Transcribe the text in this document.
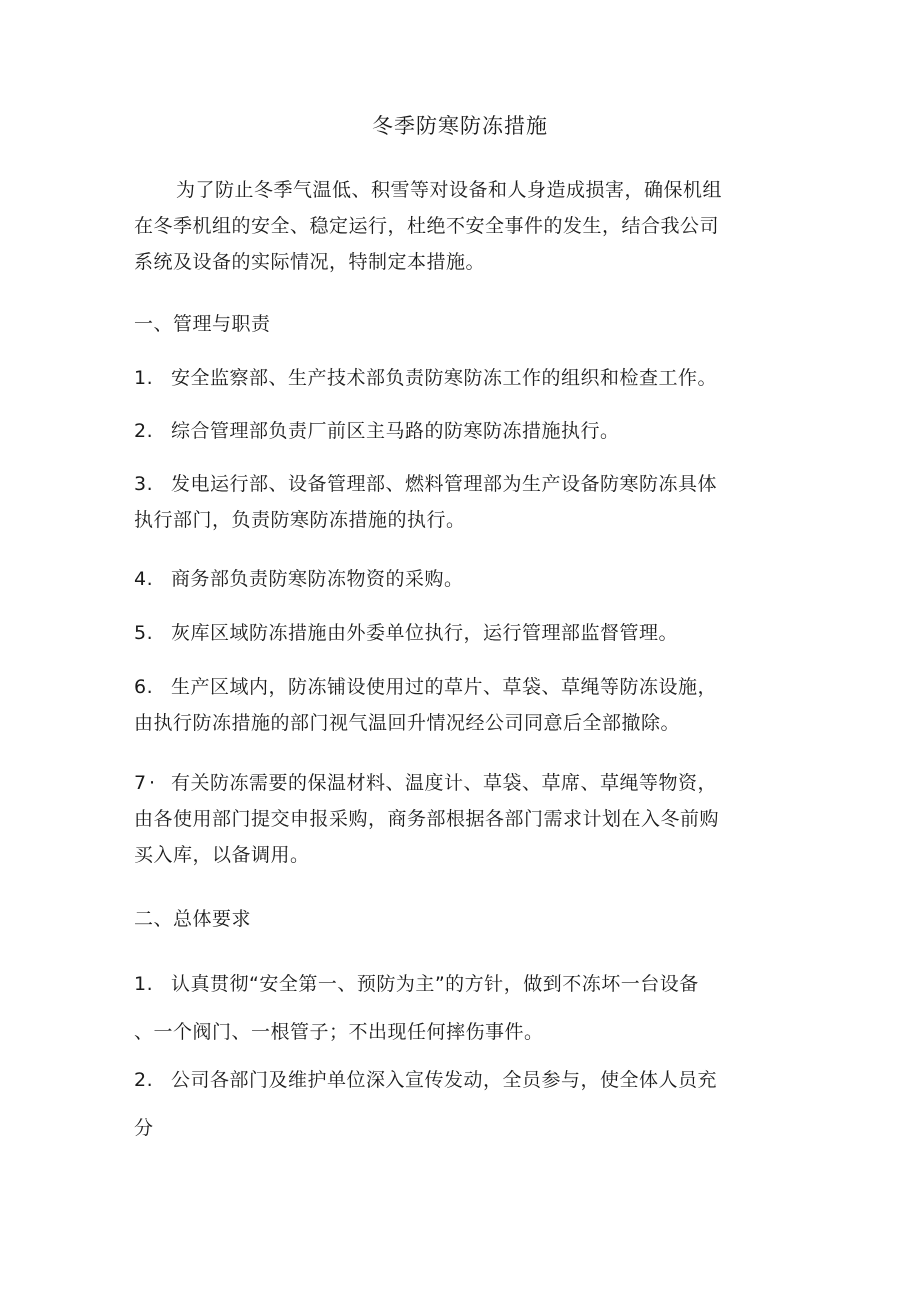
冬季防寒防冻措施
为了防止冬季气温低、积雪等对设备和人身造成损害，确保机组
在冬季机组的安全、稳定运行，杜绝不安全事件的发生，结合我公司
系统及设备的实际情况，特制定本措施。
一、管理与职责
1. 安全监察部、生产技术部负责防寒防冻工作的组织和检查工作。
2. 综合管理部负责厂前区主马路的防寒防冻措施执行。
3. 发电运行部、设备管理部、燃料管理部为生产设备防寒防冻具体
执行部门，负责防寒防冻措施的执行。
4. 商务部负责防寒防冻物资的采购。
5. 灰库区域防冻措施由外委单位执行，运行管理部监督管理。
6. 生产区域内，防冻铺设使用过的草片、草袋、草绳等防冻设施，
由执行防冻措施的部门视气温回升情况经公司同意后全部撤除。
7 · 有关防冻需要的保温材料、温度计、草袋、草席、草绳等物资，
由各使用部门提交申报采购，商务部根据各部门需求计划在入冬前购
买入库，以备调用。
二、总体要求
1. 认真贯彻“安全第一、预防为主”的方针，做到不冻坏一台设备
、一个阀门、一根管子；不出现任何摔伤事件。
2. 公司各部门及维护单位深入宣传发动，全员参与，使全体人员充
分
